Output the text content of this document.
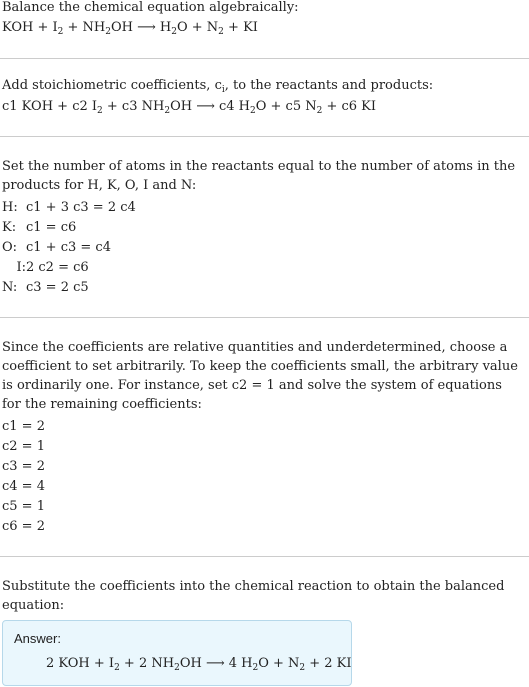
Balance the chemical equation algebraically:
KOH + $I_2 + NH_2OH$ ⟶ $H_2O + N_2$ + KI
Add stoichiometric coefficients, $c_i$, to the reactants and products:
c1 KOH + c2 $I_2 + c3$ $NH_2OH$ ⟶ c4 $H_2O + c5$ $N_2 + c6$ KI
Set the number of atoms in the reactants equal to the number of atoms in the products for H, K, O, I and N:
H: c1 + 3 c3 = 2 c4
K: c1 = c6
O: c1 + c3 = c4
I:2 c2 = c6
N: c3 = 2 c5
Since the coefficients are relative quantities and underdetermined, choose a coefficient to set arbitrarily. To keep the coefficients small, the arbitrary value is ordinarily one. For instance, set c2 = 1 and solve the system of equations for the remaining coefficients:
c1 = 2
c2 = 1
c3 = 2
c4 = 4
c5 = 1
c6 = 2
Substitute the coefficients into the chemical reaction to obtain the balanced equation:
Answer:
2 KOH + $I_2 + 2$ $NH_2OH$ ⟶ 4 $H_2O + N_2 + 2$ KI
